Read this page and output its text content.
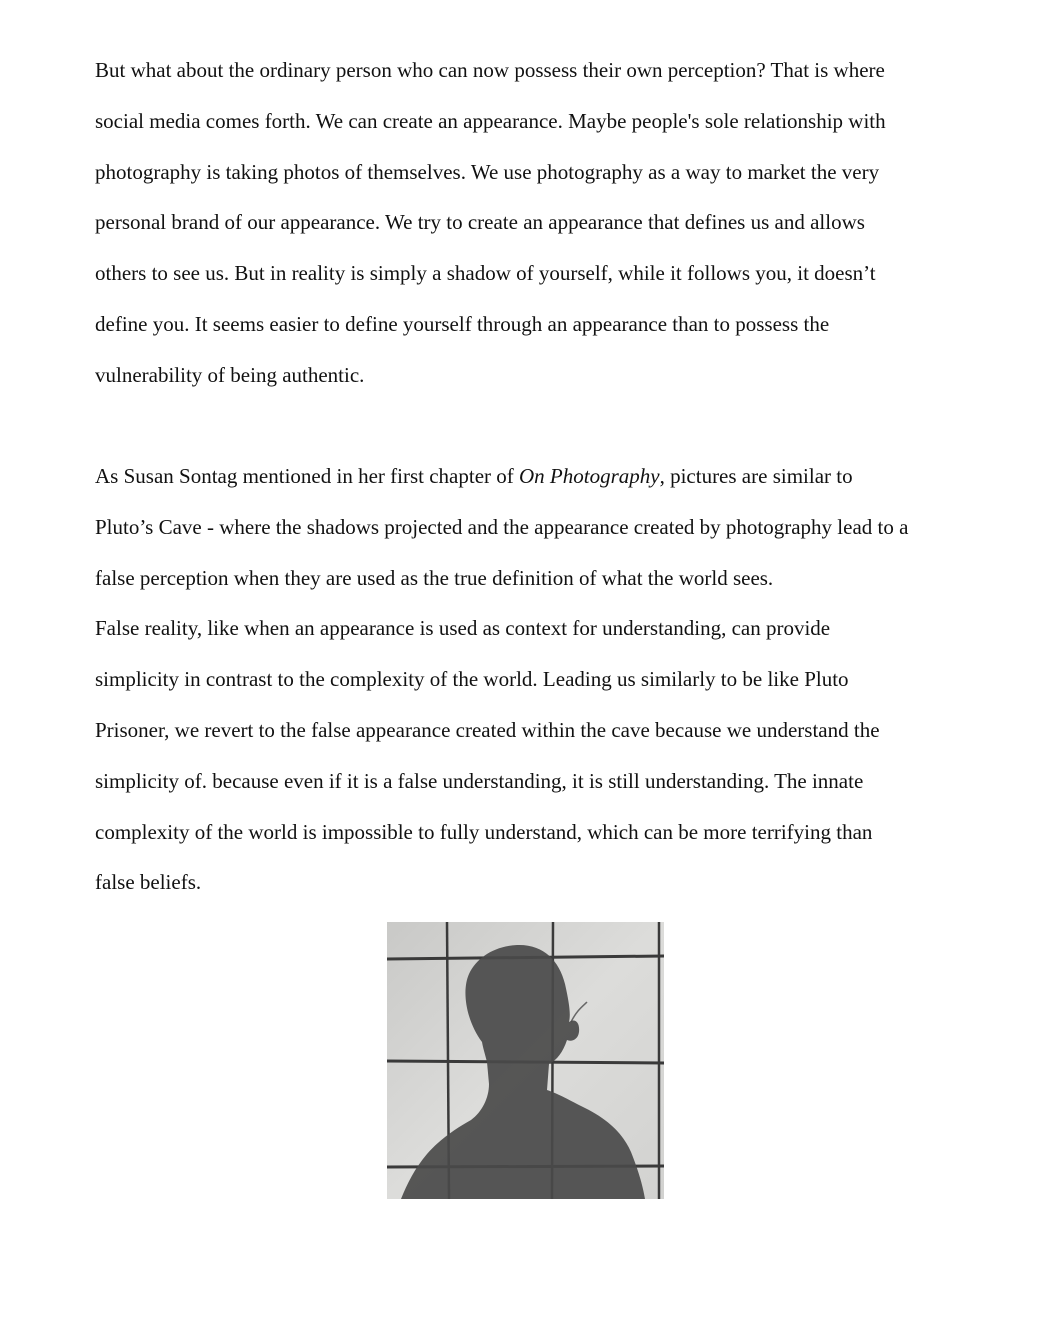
But what about the ordinary person who can now possess their own perception? That is where
social media comes forth. We can create an appearance. Maybe people's sole relationship with
photography is taking photos of themselves. We use photography as a way to market the very
personal brand of our appearance. We try to create an appearance that defines us and allows
others to see us. But in reality is simply a shadow of yourself, while it follows you, it doesn’t
define you. It seems easier to define yourself through an appearance than to possess the
vulnerability of being authentic.

As Susan Sontag mentioned in her first chapter of On Photography, pictures are similar to
Pluto’s Cave - where the shadows projected and the appearance created by photography lead to a
false perception when they are used as the true definition of what the world sees.
False reality, like when an appearance is used as context for understanding, can provide
simplicity in contrast to the complexity of the world. Leading us similarly to be like Pluto
Prisoner, we revert to the false appearance created within the cave because we understand the
simplicity of. because even if it is a false understanding, it is still understanding. The innate
complexity of the world is impossible to fully understand, which can be more terrifying than
false beliefs.
